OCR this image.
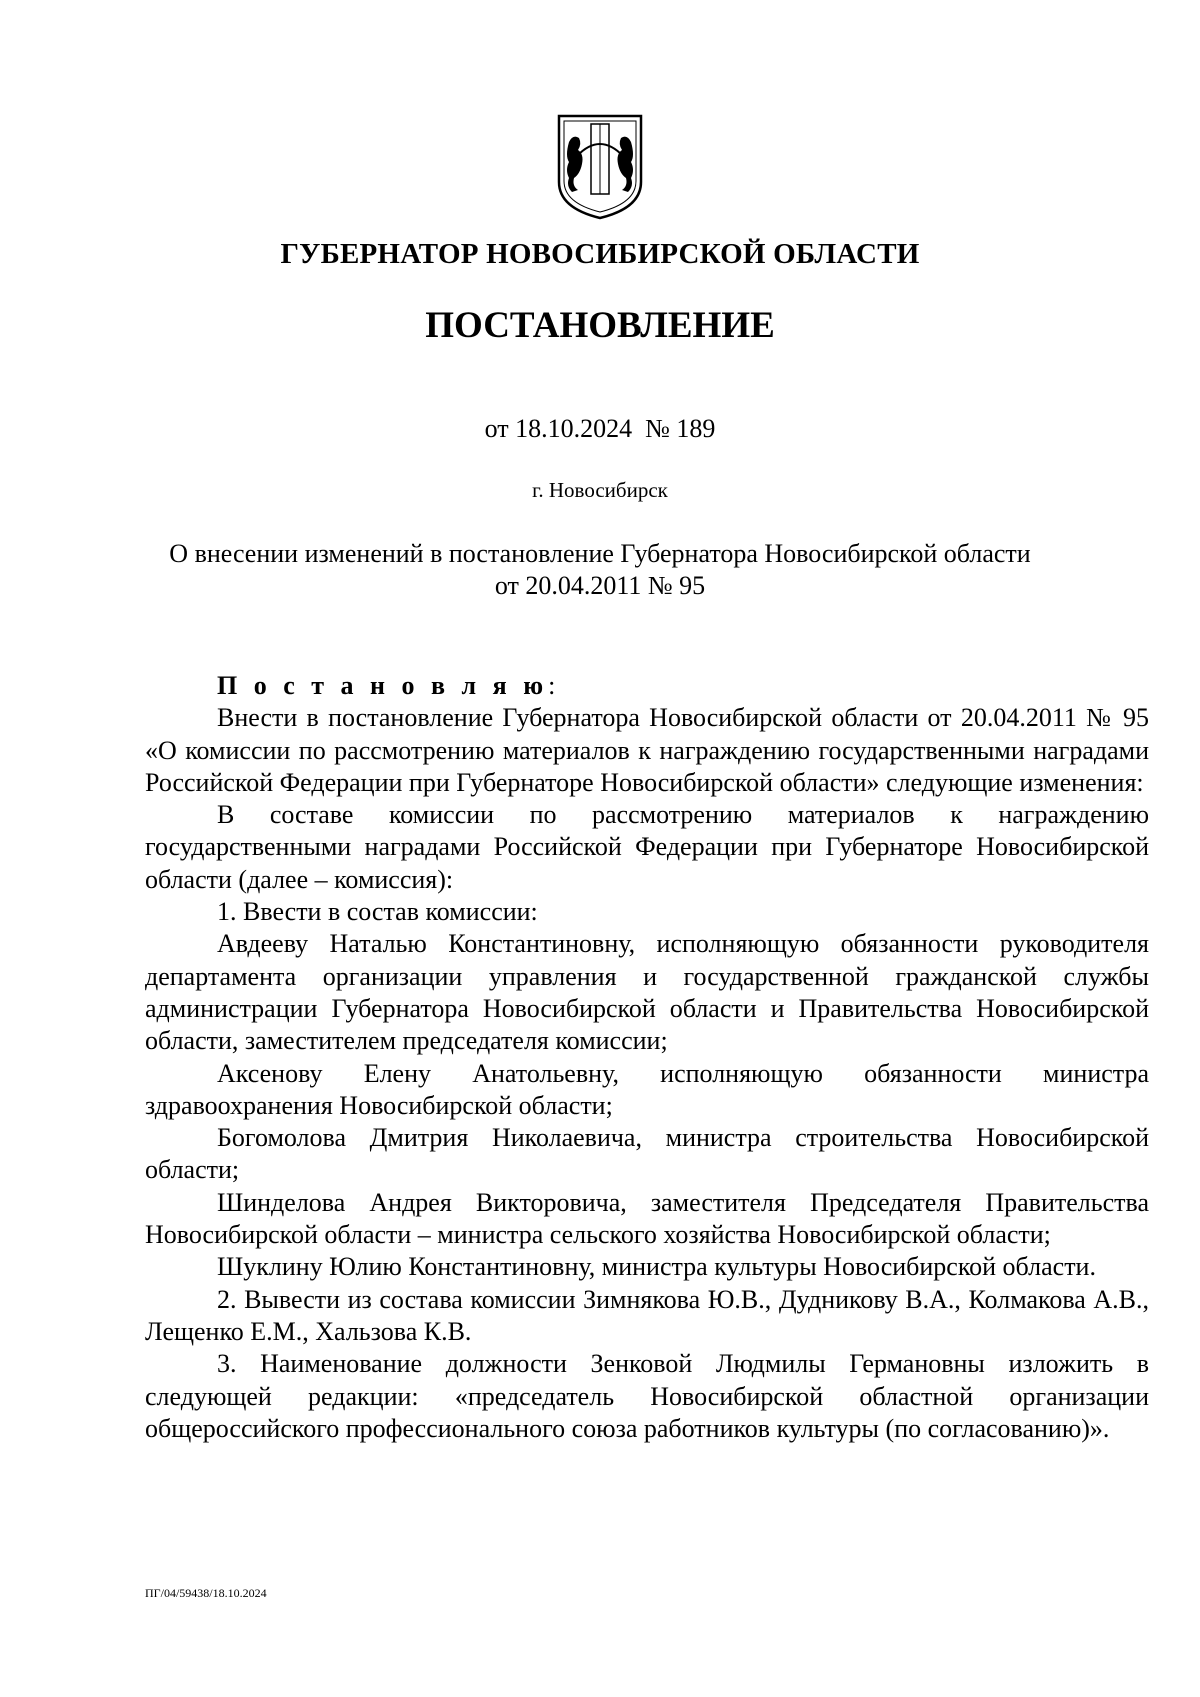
ГУБЕРНАТОР НОВОСИБИРСКОЙ ОБЛАСТИ
ПОСТАНОВЛЕНИЕ
от 18.10.2024  № 189
г. Новосибирск
О внесении изменений в постановление Губернатора Новосибирской области
от 20.04.2011 № 95

П о с т а н о в л я ю:

Внести в постановление Губернатора Новосибирской области от 20.04.2011 № 95 «О комиссии по рассмотрению материалов к награждению государственными наградами Российской Федерации при Губернаторе Новосибирской области» следующие изменения:

В составе комиссии по рассмотрению материалов к награждению государственными наградами Российской Федерации при Губернаторе Новосибирской области (далее – комиссия):

1. Ввести в состав комиссии:

Авдееву Наталью Константиновну, исполняющую обязанности руководителя департамента организации управления и государственной гражданской службы администрации Губернатора Новосибирской области и Правительства Новосибирской области, заместителем председателя комиссии;

Аксенову Елену Анатольевну, исполняющую обязанности министра здравоохранения Новосибирской области;

Богомолова Дмитрия Николаевича, министра строительства Новосибирской области;

Шинделова Андрея Викторовича, заместителя Председателя Правительства Новосибирской области – министра сельского хозяйства Новосибирской области;

Шуклину Юлию Константиновну, министра культуры Новосибирской области.

2. Вывести из состава комиссии Зимнякова Ю.В., Дудникову В.А., Колмакова А.В., Лещенко Е.М., Хальзова К.В.

3. Наименование должности Зенковой Людмилы Германовны изложить в следующей редакции: «председатель Новосибирской областной организации общероссийского профессионального союза работников культуры (по согласованию)».

ПГ/04/59438/18.10.2024
